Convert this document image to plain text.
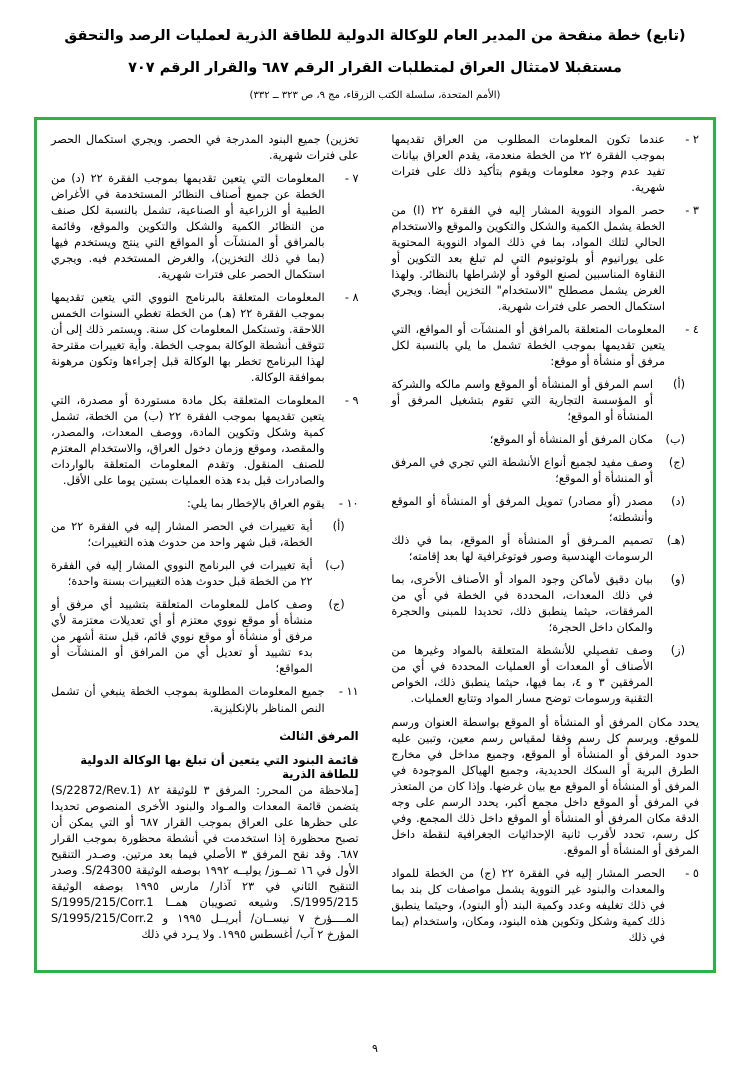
(تابع) خطة منقحة من المدير العام للوكالة الدولية للطاقة الذرية لعمليات الرصد والتحقق
مستقبلا لامتثال العراق لمتطلبات القرار الرقم ٦٨٧ والقرار الرقم ٧٠٧
(الأمم المتحدة، سلسلة الكتب الزرقاء، مج ٩، ص ٣٢٣ ــ ٣٣٢)
٢ -
عندما تكون المعلومات المطلوب من العراق تقديمها بموجب الفقرة ٢٢ من الخطة منعدمة، يقدم العراق بيانات تفيد عدم وجود معلومات ويقوم بتأكيد ذلك على فترات شهرية.
٣ -
حصر المواد النووية المشار إليه في الفقرة ٢٢ (ا) من الخطة يشمل الكمية والشكل والتكوين والموقع والاستخدام الحالي لتلك المواد، بما في ذلك المواد النووية المحتوية على يورانيوم أو بلوتونيوم التي لم تبلغ بعد التكوين أو النقاوة المناسبين لصنع الوقود أو لإشراطها بالنظائر. ولهذا الغرض يشمل مصطلح "الاستخدام" التخزين أيضا. ويجري استكمال الحصر على فترات شهرية.
٤ -
المعلومات المتعلقة بالمرافق أو المنشآت أو المواقع، التي يتعين تقديمها بموجب الخطة تشمل ما يلي بالنسبة لكل مرفق أو منشأة أو موقع:
(أ)
اسم المرفق أو المنشأة أو الموقع واسم مالكه والشركة أو المؤسسة التجارية التي تقوم بتشغيل المرفق أو المنشأة أو الموقع؛
(ب)
مكان المرفق أو المنشأة أو الموقع؛
(ج)
وصف مفيد لجميع أنواع الأنشطة التي تجري في المرفق أو المنشأة أو الموقع؛
(د)
مصدر (أو مصادر) تمويل المرفق أو المنشأة أو الموقع وأنشطته؛
(هـ)
تصميم المـرفق أو المنشأة أو الموقع، بما في ذلك الرسومات الهندسية وصور فوتوغرافية لها بعد إقامته؛
(و)
بيان دقيق لأماكن وجود المواد أو الأصناف الأخرى، بما في ذلك المعدات، المحددة في الخطة في أي من المرفقات، حيثما ينطبق ذلك، تحديدا للمبنى والحجرة والمكان داخل الحجرة؛
(ز)
وصف تفصيلي للأنشطة المتعلقة بالمواد وغيرها من الأصناف أو المعدات أو العمليات المحددة في أي من المرفقين ٣ و ٤، بما فيها، حيثما ينطبق ذلك، الخواص التقنية ورسومات توضح مسار المواد وتتابع العمليات.

يحدد مكان المرفق أو المنشأة أو الموقع بواسطة العنوان ورسم للموقع. ويرسم كل رسم وفقا لمقياس رسم معين، وتبين عليه حدود المرفق أو المنشأة أو الموقع، وجميع مداخل في مخارج الطرق البرية أو السكك الحديدية، وجميع الهياكل الموجودة في المرفق أو المنشأة أو الموقع مع بيان غرضها. وإذا كان من المتعذر في المرفق أو الموقع داخل مجمع أكبر، يحدد الرسم على وجه الدقة مكان المرفق أو المنشأة أو الموقع داخل ذلك المجمع. وفي كل رسم، تحدد لأقرب ثانية الإحداثيات الجغرافية لنقطة داخل المرفق أو المنشأة أو الموقع.

٥ -
الحصر المشار إليه في الفقرة ٢٢ (ج) من الخطة للمواد والمعدات والبنود غير النووية يشمل مواصفات كل بند بما في ذلك تغليفه وعدد وكمية البند (أو البنود)، وحيثما ينطبق ذلك كمية وشكل وتكوين هذه البنود، ومكان، واستخدام (بما في ذلك

تخزين) جميع البنود المدرجة في الحصر. ويجري استكمال الحصر على فترات شهرية.

٧ -
المعلومات التي يتعين تقديمها بموجب الفقرة ٢٢ (د) من الخطة عن جميع أصناف النظائر المستخدمة في الأغراض الطبية أو الزراعية أو الصناعية، تشمل بالنسبة لكل صنف من النظائر الكمية والشكل والتكوين والموقع، وقائمة بالمرافق أو المنشآت أو المواقع التي ينتج ويستخدم فيها (بما في ذلك التخزين)، والغرض المستخدم فيه. ويجري استكمال الحصر على فترات شهرية.
٨ -
المعلومات المتعلقة بالبرنامج النووي التي يتعين تقديمها بموجب الفقرة ٢٢ (هـ) من الخطة تغطي السنوات الخمس اللاحقة. وتستكمل المعلومات كل سنة. ويستمر ذلك إلى أن تتوقف أنشطة الوكالة بموجب الخطة. وأية تغييرات مقترحة لهذا البرنامج تخطر بها الوكالة قبل إجراءها وتكون مرهونة بموافقة الوكالة.
٩ -
المعلومات المتعلقة بكل مادة مستوردة أو مصدرة، التي يتعين تقديمها بموجب الفقرة ٢٢ (ب) من الخطة، تشمل كمية وشكل وتكوين المادة، ووصف المعدات، والمصدر، والمقصد، وموقع وزمان دخول العراق، والاستخدام المعتزم للصنف المنقول. وتقدم المعلومات المتعلقة بالواردات والصادرات قبل بدء هذه العمليات بستين يوما على الأقل.
١٠ -
يقوم العراق بالإخطار بما يلي:
(أ)
أية تغييرات في الحصر المشار إليه في الفقرة ٢٢ من الخطة، قبل شهر واحد من حدوث هذه التغييرات؛
(ب)
أية تغييرات في البرنامج النووي المشار إليه في الفقرة ٢٢ من الخطة قبل حدوث هذه التغييرات بسنة واحدة؛
(ج)
وصف كامل للمعلومات المتعلقة بتشييد أي مرفق أو منشأة أو موقع نووي معتزم أو أي تعديلات معتزمة لأي مرفق أو منشأة أو موقع نووي قائم، قبل ستة أشهر من بدء تشييد أو تعديل أي من المرافق أو المنشآت أو المواقع؛
١١ -
جميع المعلومات المطلوبة بموجب الخطة ينبغي أن تشمل النص المناظر بالإنكليزية.
المرفق الثالث
قائمة البنود التي يتعين أن تبلغ بها الوكالة الدولية للطاقة الذرية

[ملاحظة من المحرر: المرفق ٣ للوثيقة ٨٢ (S/22872/Rev.1) يتضمن قائمة المعدات والمـواد والبنود الأخرى المنصوص تحديدا على حظرها على العراق بموجب القرار ٦٨٧ أو التي يمكن أن تصبح محظورة إذا استخدمت في أنشطة محظورة بموجب القرار ٦٨٧. وقد نقح المرفق ٣ الأصلي فيما بعد مرتين. وصـدر التنقيح الأول في ١٦ تمــوز/ يوليــه ١٩٩٢ بوصفه الوثيقة S/24300. وصدر التنقيح الثاني في ٢٣ آذار/ مارس ١٩٩٥ بوصفه الوثيقة S/1995/215. وشيعه تصويبان همــا S/1995/215/Corr.1 المــــؤرخ ٧ نيســان/ أبريــل ١٩٩٥ و S/1995/215/Corr.2 المؤرخ ٢ آب/ أغسطس ١٩٩٥. ولا يـرد في ذلك

٩
